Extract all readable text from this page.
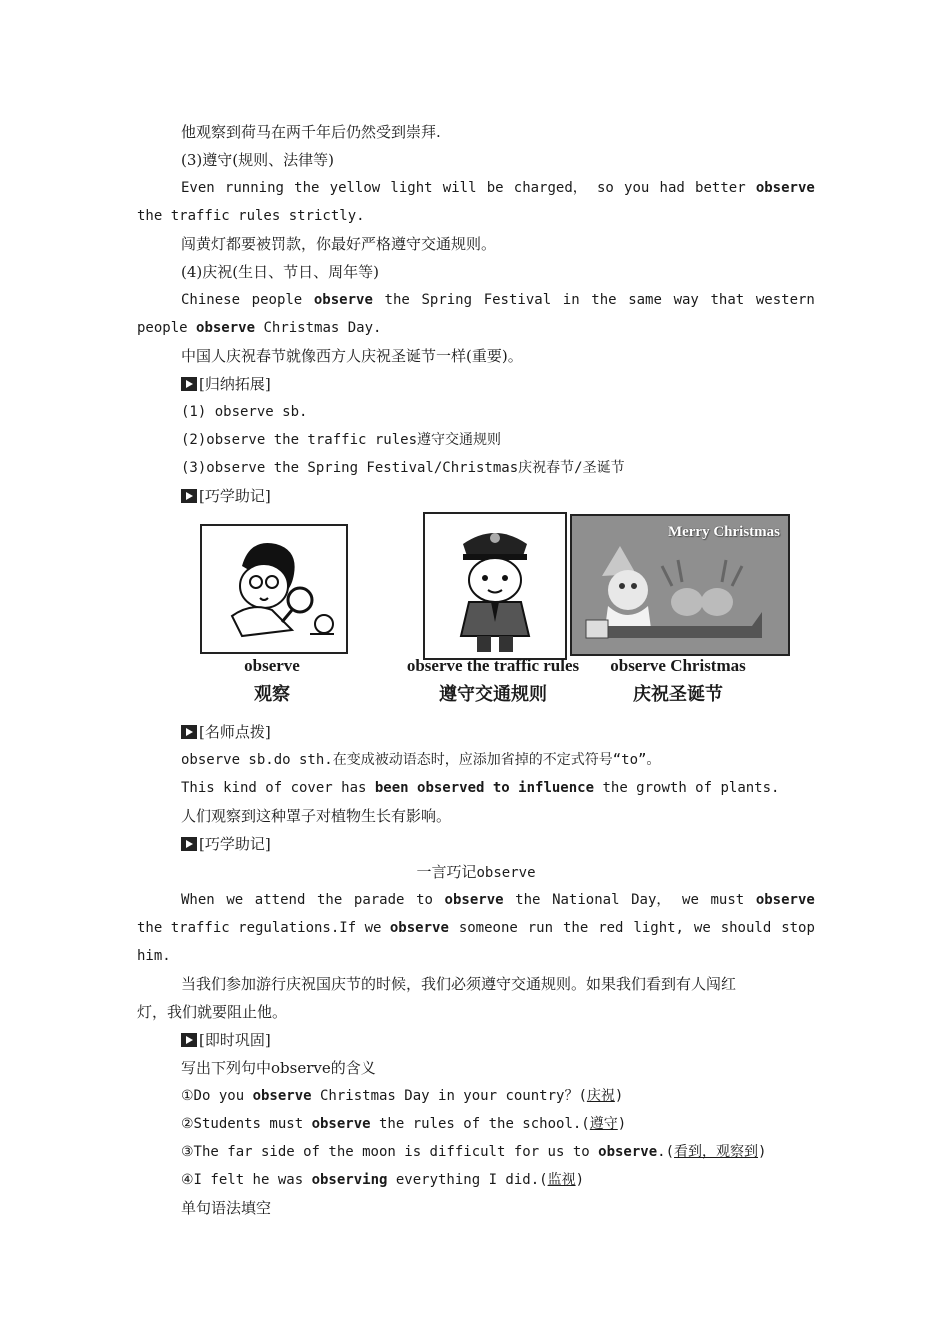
他观察到荷马在两千年后仍然受到崇拜.
(3)遵守(规则、法律等)
Even running the yellow light will be charged， so you had better observe
the traffic rules strictly.
闯黄灯都要被罚款，你最好严格遵守交通规则。
(4)庆祝(生日、节日、周年等)
Chinese people observe the Spring Festival in the same way that western
people observe Christmas Day.
中国人庆祝春节就像西方人庆祝圣诞节一样(重要)。
[归纳拓展]
(1) observe sb.
(2)observe the traffic rules遵守交通规则
(3)observe the Spring Festival/Christmas庆祝春节/圣诞节
[巧学助记]
observe
观察
observe the traffic rules
遵守交通规则
Merry Christmas
observe Christmas
庆祝圣诞节
[名师点拨]
observe sb.do sth.在变成被动语态时，应添加省掉的不定式符号“to”。
This kind of cover has been observed to influence the growth of plants.
人们观察到这种罩子对植物生长有影响。
[巧学助记]
一言巧记observe
When we attend the parade to observe the National Day， we must observe
the traffic regulations.If we observe someone run the red light, we should stop
him.
当我们参加游行庆祝国庆节的时候，我们必须遵守交通规则。如果我们看到有人闯红
灯，我们就要阻止他。
[即时巩固]
写出下列句中observe的含义
①Do you observe Christmas Day in your country？(庆祝)
②Students must observe the rules of the school.(遵守)
③The far side of the moon is difficult for us to observe.(看到，观察到)
④I felt he was observing everything I did.(监视)
单句语法填空
